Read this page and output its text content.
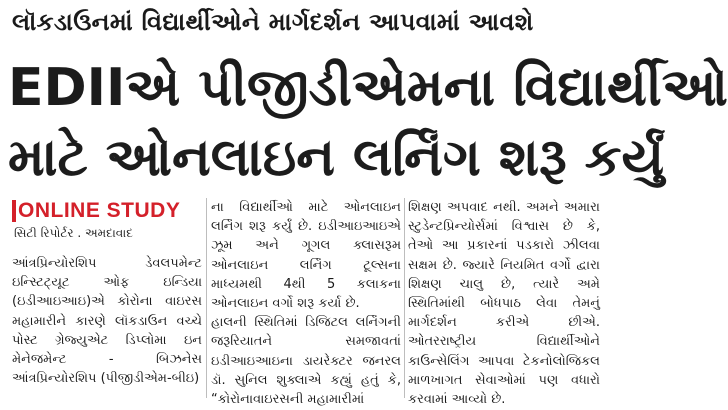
લૉકડાઉનમાં વિદ્યાર્થીઓને માર્ગદર્શન આપવામાં આવશે
EDIIએ પીજીડીએમના વિદ્યાર્થીઓ
માટે ઓનલાઇન લર્નિંગ શરૂ કર્યું
ONLINE STUDY
સિટી રિપોર્ટર . અમદાવાદ

આંત્રપ્રિન્યોરશિપ ડેવલપમેન્ટ ઇન્સ્ટિટ્યૂટ ઓફ ઇન્ડિયા (ઇડીઆઇઆઇ)એ કોરોના વાઇરસ મહામારીને કારણે લૉકડાઉન વચ્ચે પોસ્ટ ગ્રેજ્યુએટ ડિપ્લોમા ઇન મેનેજમેન્ટ - બિઝનેસ આંત્રપ્રિન્યોરશિપ (પીજીડીએમ-બીઇ)

ના વિદ્યાર્થીઓ માટે ઓનલાઇન લર્નિંગ શરૂ કર્યું છે. ઇડીઆઇઆઇએ ઝૂમ અને ગૂગલ ક્લાસરૂમ ઓનલાઇન લર્નિંગ ટૂલ્સના માધ્યમથી 4થી 5 કલાકના ઓનલાઇન વર્ગો શરૂ કર્યા છે.

હાલની સ્થિતિમાં ડિજિટલ લર્નિંગની જરૂરિયાતને સમજાવતાં ઇડીઆઇઆઇના ડાયરેક્ટર જનરલ ડૉ. સુનિલ શુક્લાએ કહ્યું હતું કે, “કોરોનાવાઇરસની મહામારીમાં

શિક્ષણ અપવાદ નથી. અમને અમારા સ્ટુડેન્ટપ્રિન્યોર્સમાં વિશ્વાસ છે કે, તેઓ આ પ્રકારનાં પડકારો ઝીલવા સક્ષમ છે. જ્યારે નિયમિત વર્ગો દ્વારા શિક્ષણ ચાલુ છે, ત્યારે અમે સ્થિતિમાંથી બોધપાઠ લેવા તેમનું માર્ગદર્શન કરીએ છીએ. ઓતરરાષ્ટ્રીય વિદ્યાર્થીઓને કાઉન્સેલિંગ આપવા ટેકનોલોજિકલ માળખાગત સેવાઓમાં પણ વધારો કરવામાં આવ્યો છે.
